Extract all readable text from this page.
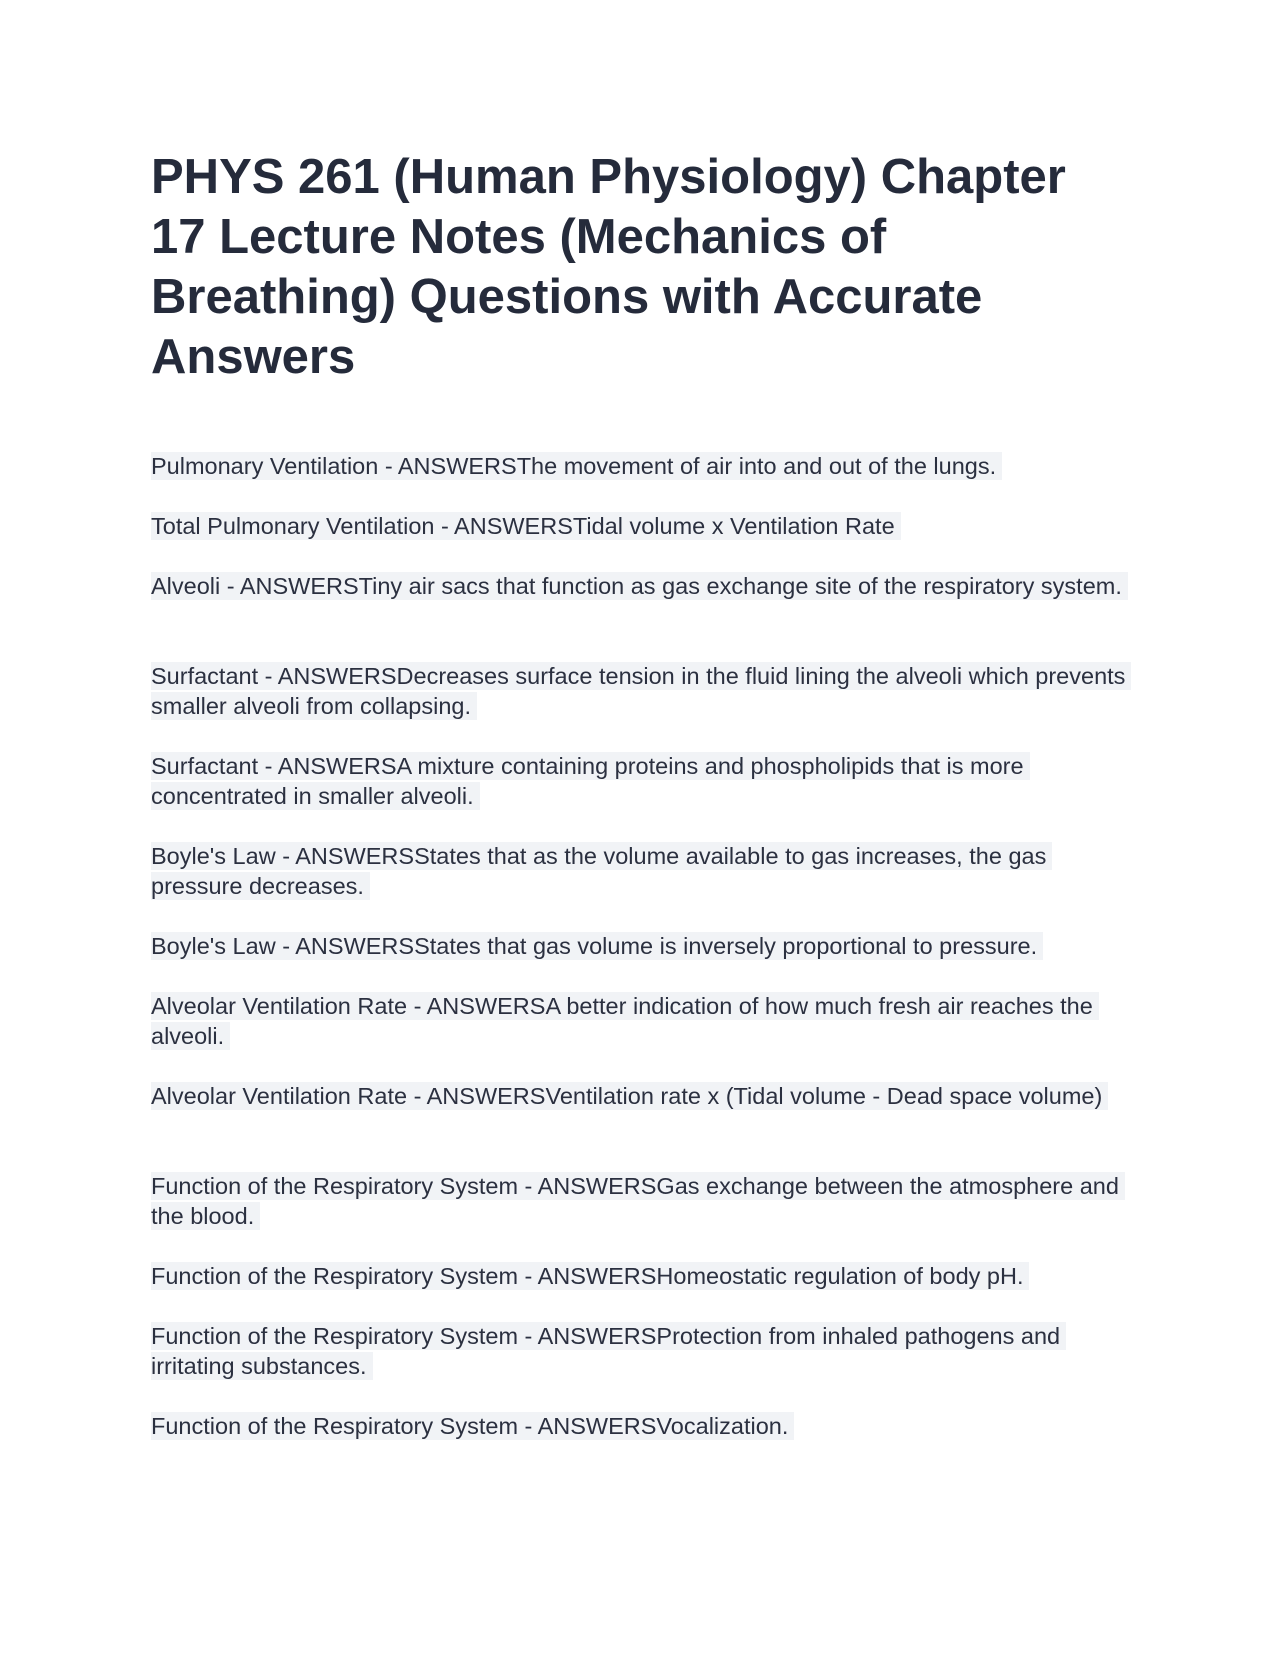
PHYS 261 (Human Physiology) Chapter 17 Lecture Notes (Mechanics of Breathing) Questions with Accurate Answers
Pulmonary Ventilation - ANSWERSThe movement of air into and out of the lungs.
Total Pulmonary Ventilation - ANSWERSTidal volume x Ventilation Rate
Alveoli - ANSWERSTiny air sacs that function as gas exchange site of the respiratory system.
Surfactant - ANSWERSDecreases surface tension in the fluid lining the alveoli which prevents smaller alveoli from collapsing.
Surfactant - ANSWERSA mixture containing proteins and phospholipids that is more concentrated in smaller alveoli.
Boyle's Law - ANSWERSStates that as the volume available to gas increases, the gas pressure decreases.
Boyle's Law - ANSWERSStates that gas volume is inversely proportional to pressure.
Alveolar Ventilation Rate - ANSWERSA better indication of how much fresh air reaches the alveoli.
Alveolar Ventilation Rate - ANSWERSVentilation rate x (Tidal volume - Dead space volume)
Function of the Respiratory System - ANSWERSGas exchange between the atmosphere and the blood.
Function of the Respiratory System - ANSWERSHomeostatic regulation of body pH.
Function of the Respiratory System - ANSWERSProtection from inhaled pathogens and irritating substances.
Function of the Respiratory System - ANSWERSVocalization.
